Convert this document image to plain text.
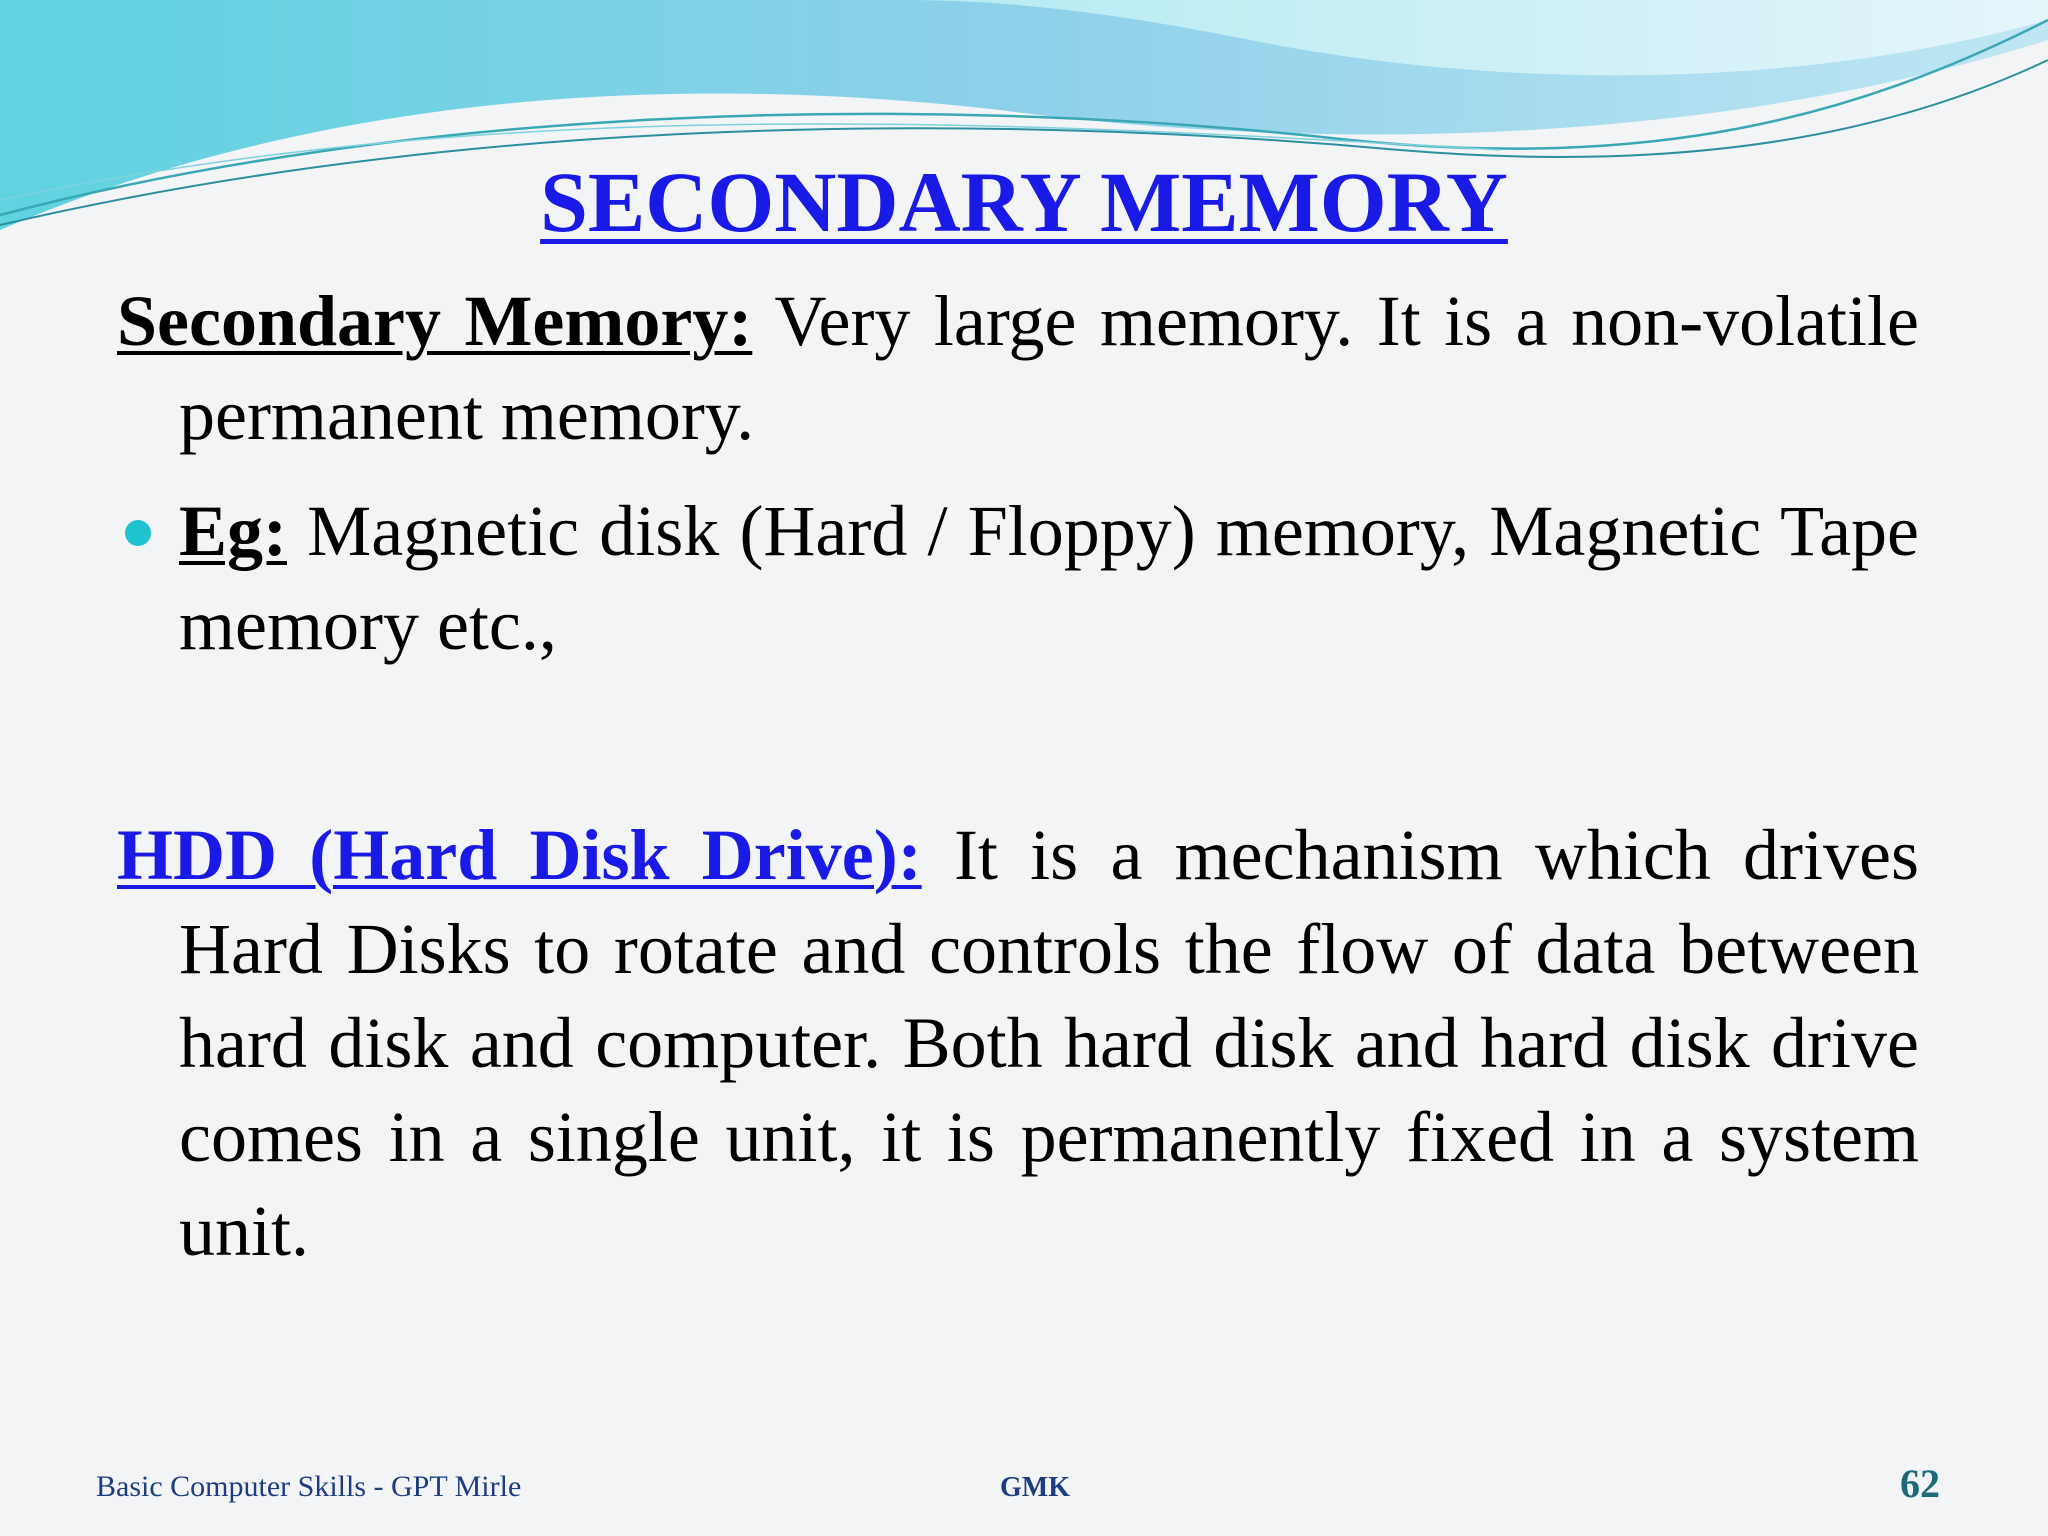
SECONDARY MEMORY

Secondary Memory: Very large memory. It is a non-volatile permanent memory.

Eg: Magnetic disk (Hard / Floppy) memory, Magnetic Tape memory etc.,

HDD (Hard Disk Drive): It is a mechanism which drives Hard Disks to rotate and controls the flow of data between hard disk and computer. Both hard disk and hard disk drive comes in a single unit, it is permanently fixed in a system unit.

Basic Computer Skills - GPT Mirle	GMK	62
